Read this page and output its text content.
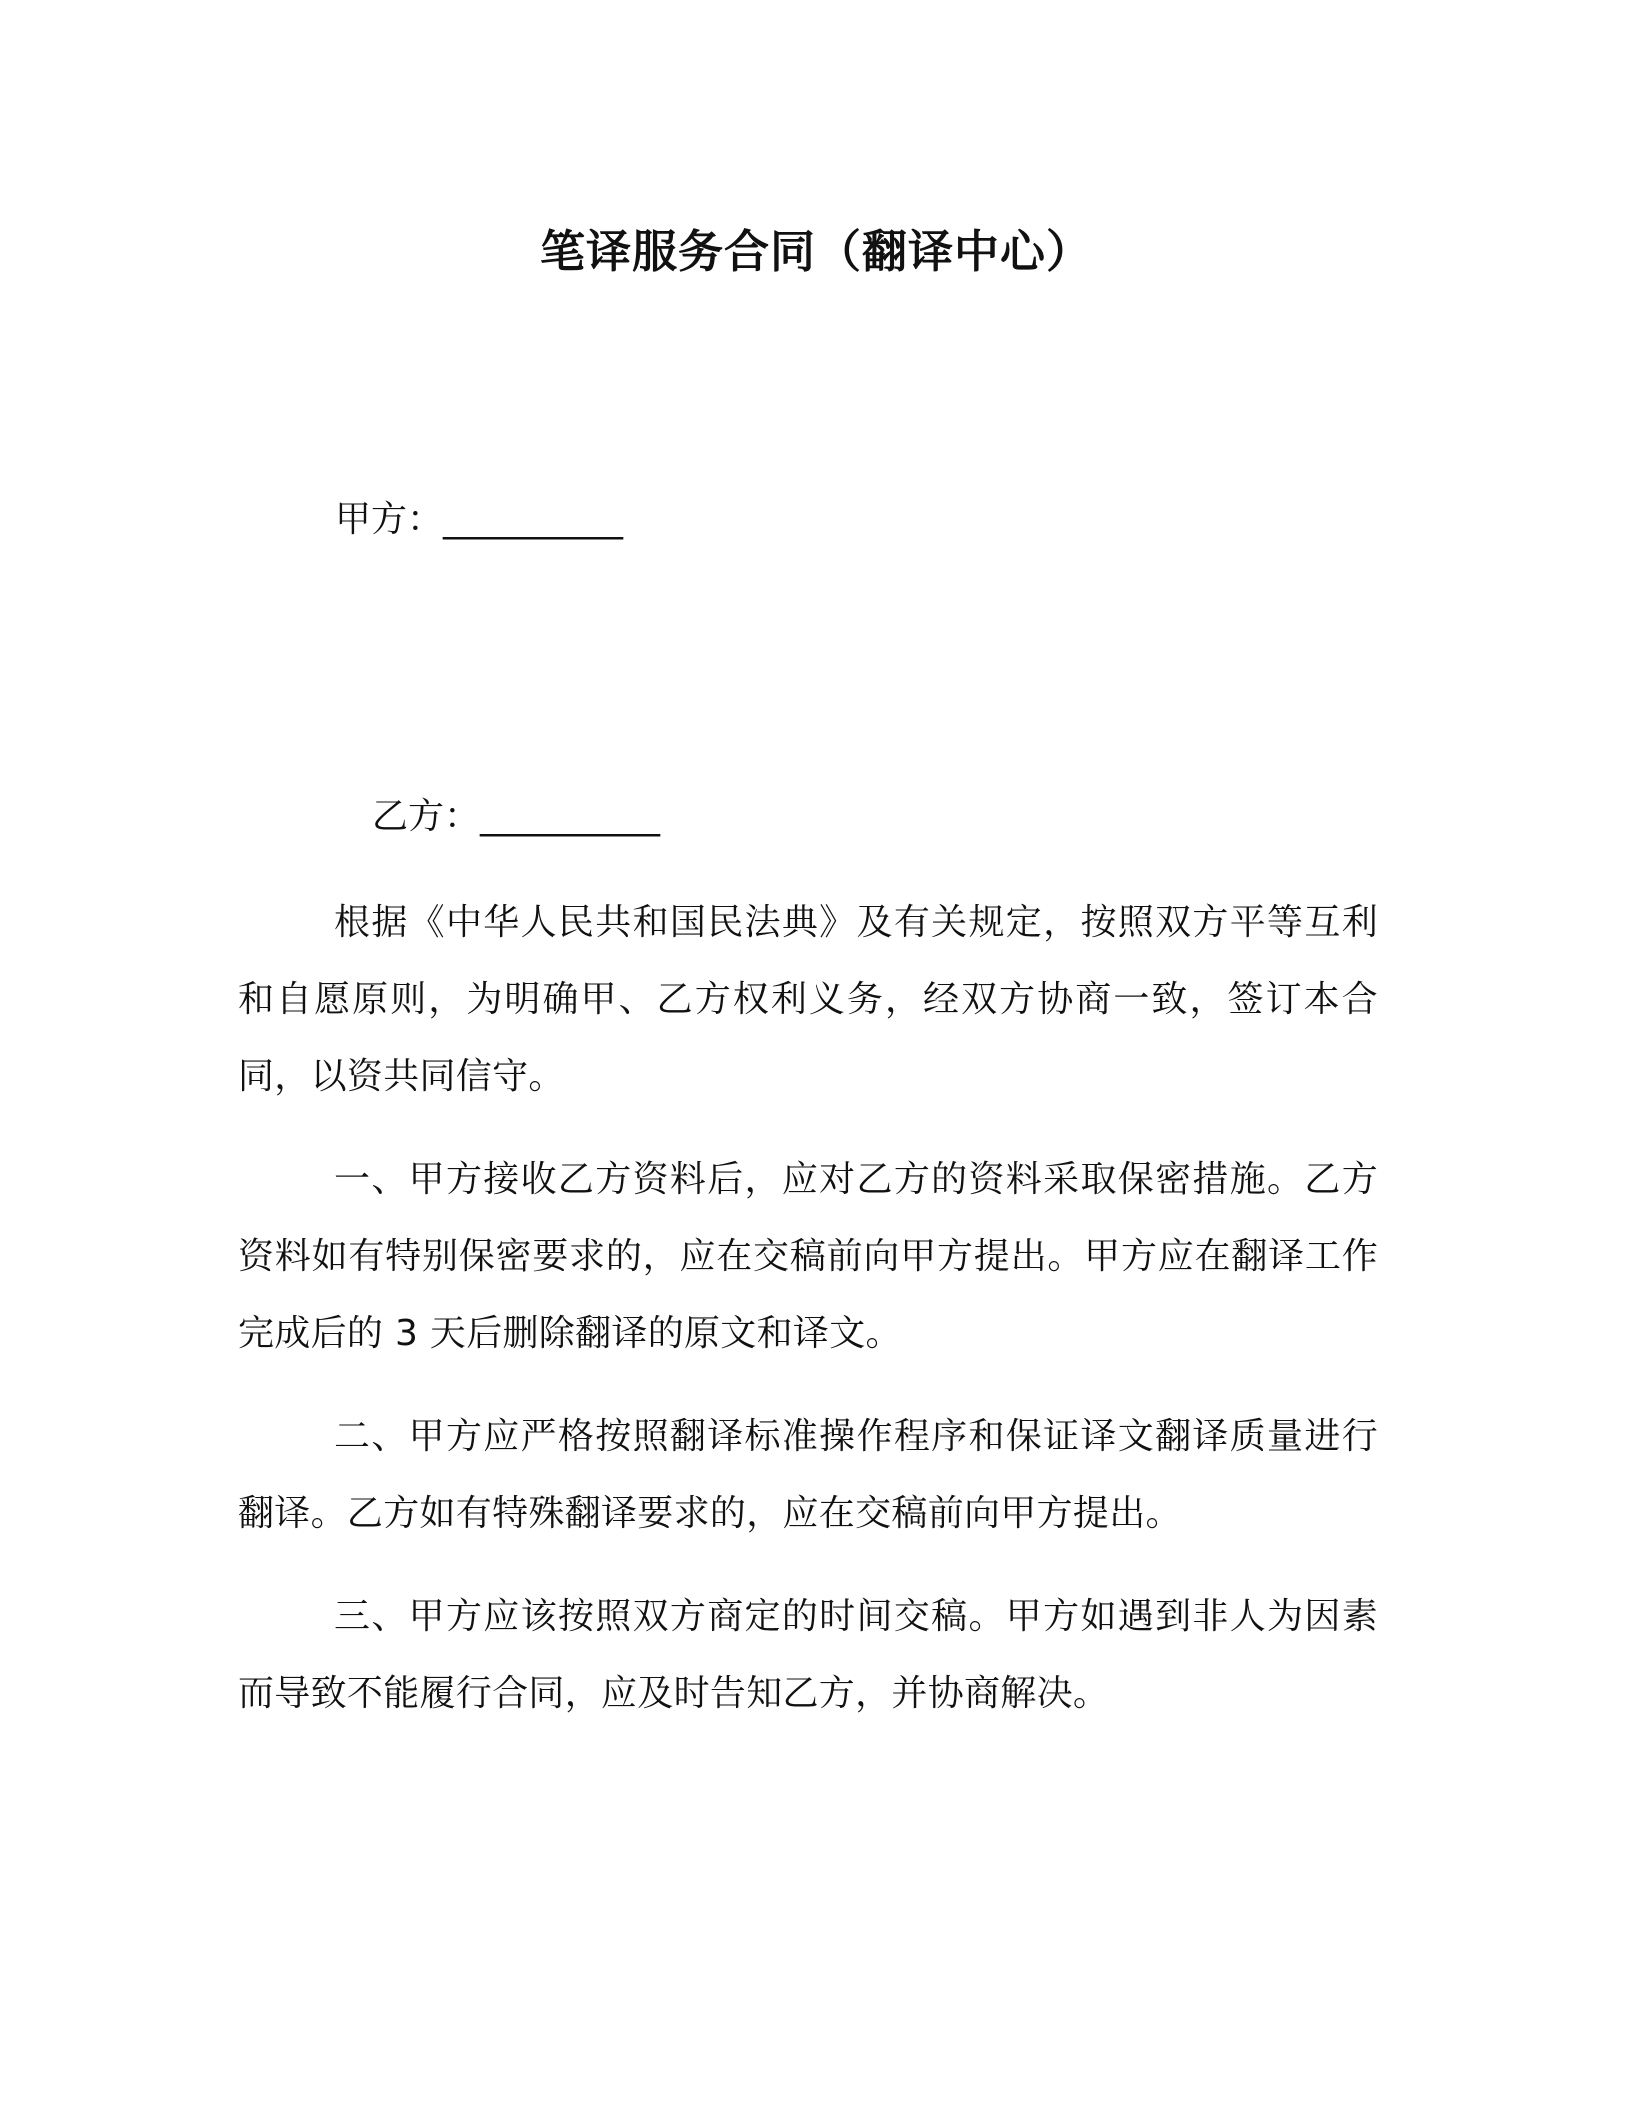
笔译服务合同（翻译中心）
甲方：__________
乙方：__________

根据《中华人民共和国民法典》及有关规定，按照双方平等互利和自愿原则，为明确甲、乙方权利义务，经双方协商一致，签订本合同，以资共同信守。

一、甲方接收乙方资料后，应对乙方的资料采取保密措施。乙方资料如有特别保密要求的，应在交稿前向甲方提出。甲方应在翻译工作完成后的 3 天后删除翻译的原文和译文。

二、甲方应严格按照翻译标准操作程序和保证译文翻译质量进行翻译。乙方如有特殊翻译要求的，应在交稿前向甲方提出。

三、甲方应该按照双方商定的时间交稿。甲方如遇到非人为因素而导致不能履行合同，应及时告知乙方，并协商解决。
